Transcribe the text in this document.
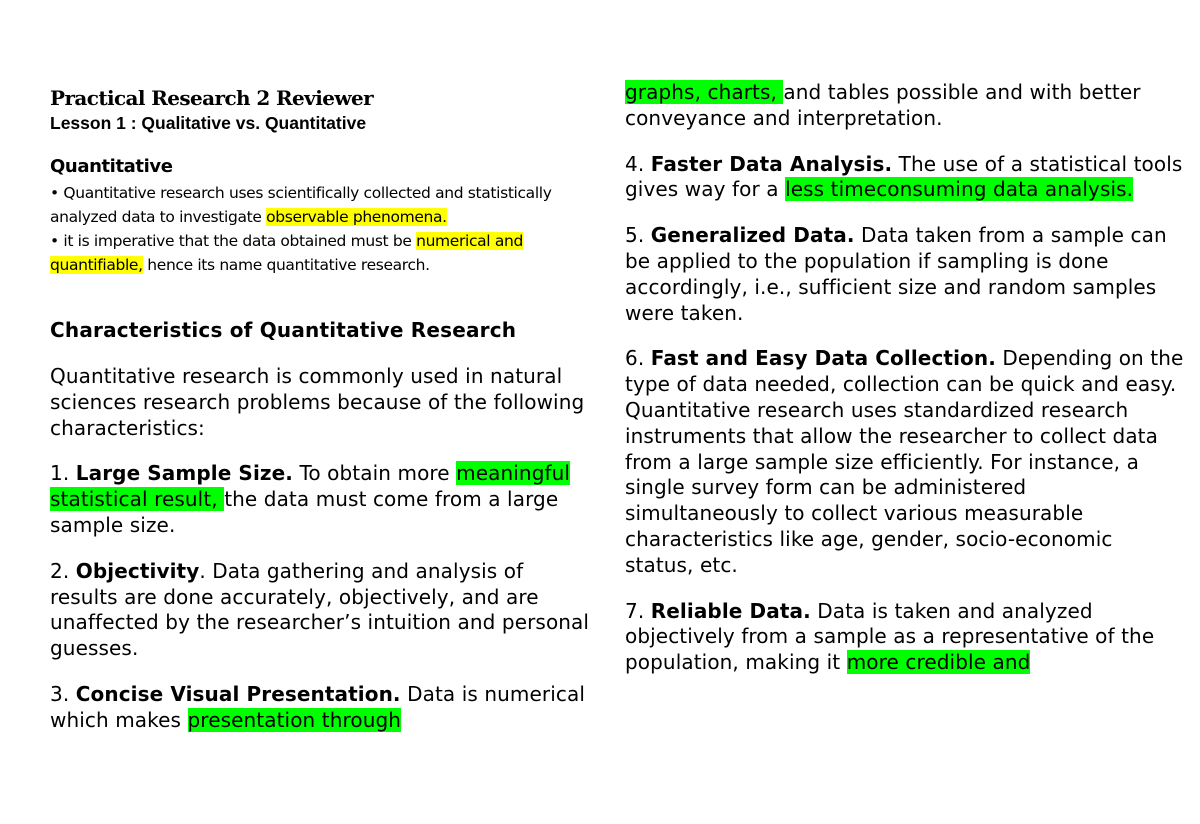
Practical Research 2 Reviewer
Lesson 1 : Qualitative vs. Quantitative
Quantitative

• Quantitative research uses scientifically collected and statistically analyzed data to investigate observable phenomena.

• it is imperative that the data obtained must be numerical and quantifiable, hence its name quantitative research.

Characteristics of Quantitative Research

Quantitative research is commonly used in natural sciences research problems because of the following characteristics:

1. Large Sample Size. To obtain more meaningful statistical result, the data must come from a large sample size.

2. Objectivity. Data gathering and analysis of results are done accurately, objectively, and are unaffected by the researcher’s intuition and personal guesses.

3. Concise Visual Presentation. Data is numerical which makes presentation through

graphs, charts, and tables possible and with better conveyance and interpretation.

4. Faster Data Analysis. The use of a statistical tools gives way for a less timeconsuming data analysis.

5. Generalized Data. Data taken from a sample can be applied to the population if sampling is done accordingly, i.e., sufficient size and random samples were taken.

6. Fast and Easy Data Collection. Depending on the type of data needed, collection can be quick and easy. Quantitative research uses standardized research instruments that allow the researcher to collect data from a large sample size efficiently. For instance, a single survey form can be administered simultaneously to collect various measurable characteristics like age, gender, socio-economic status, etc.

7. Reliable Data. Data is taken and analyzed objectively from a sample as a representative of the population, making it more credible and
